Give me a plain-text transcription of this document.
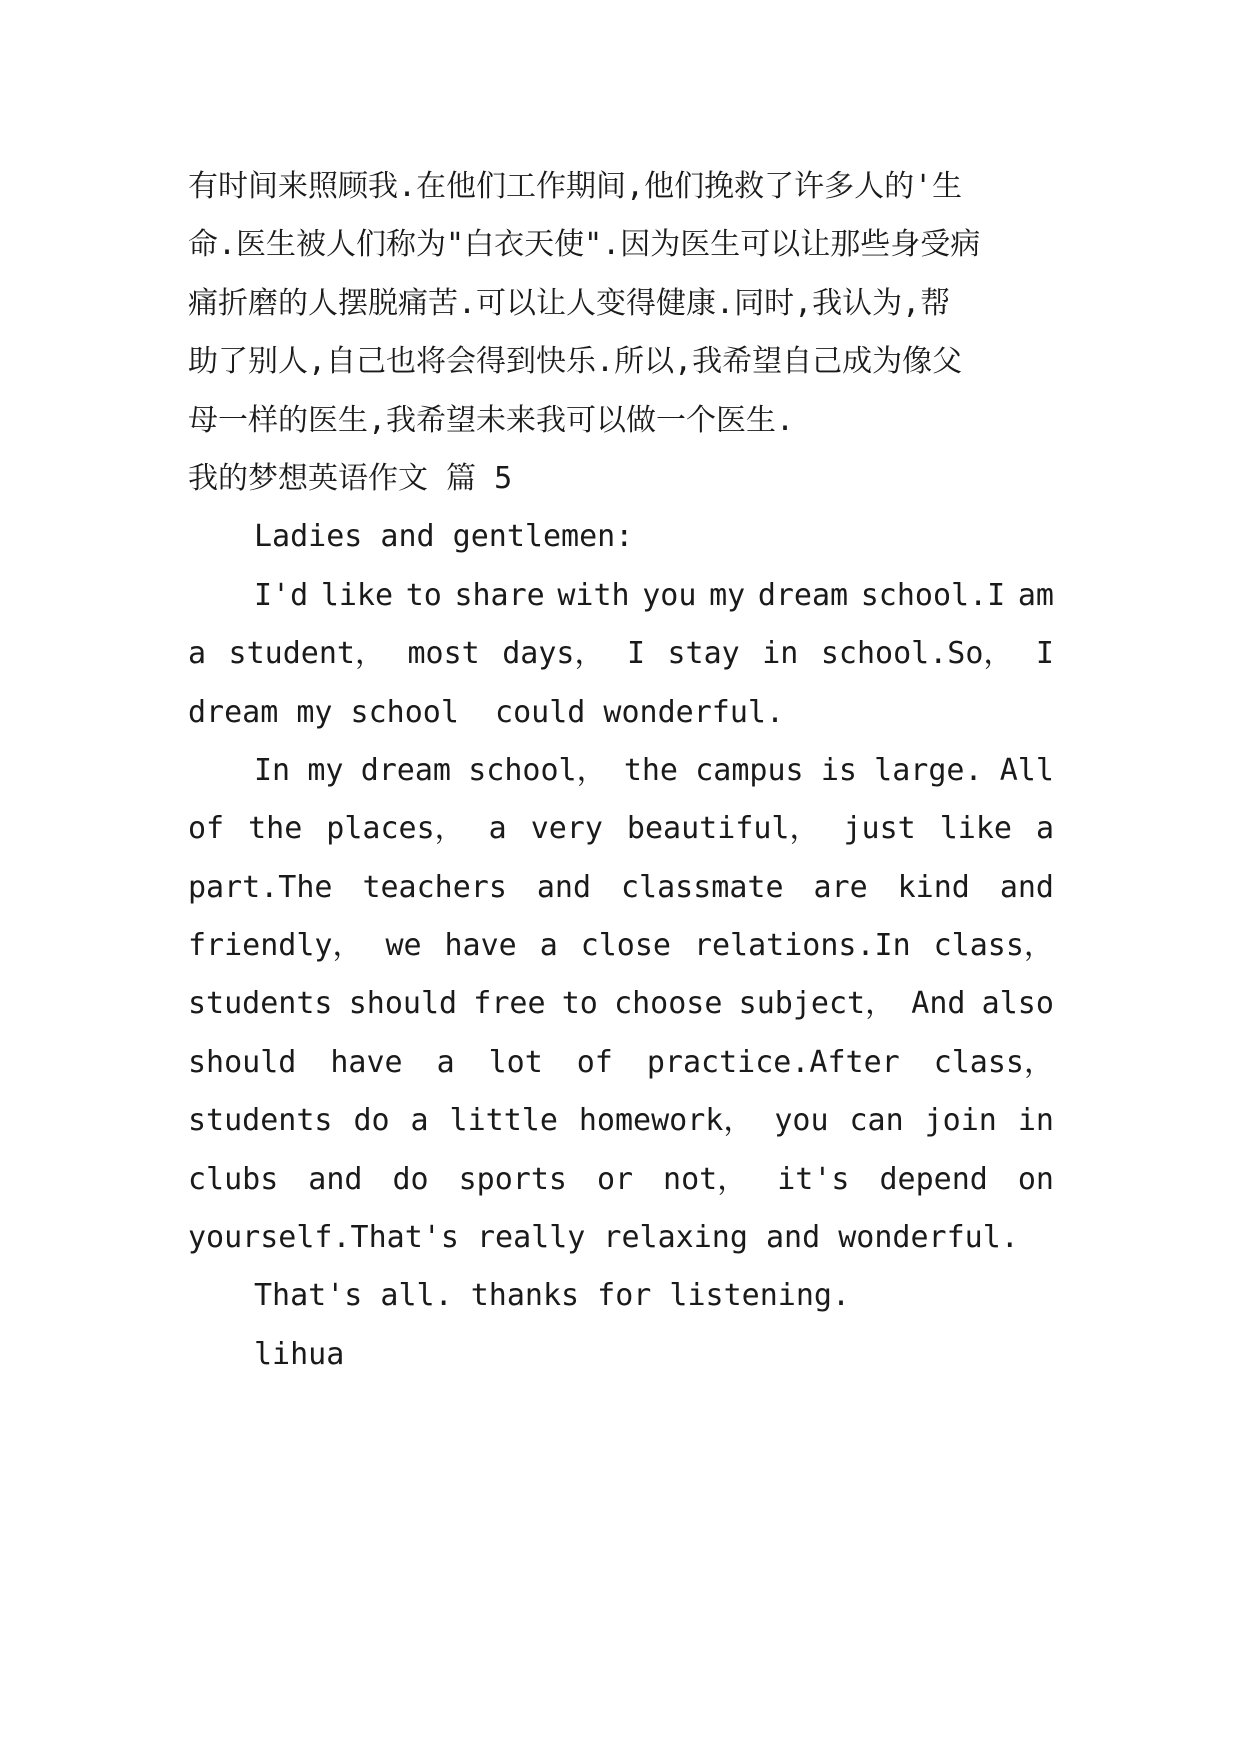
有时间来照顾我.在他们工作期间,他们挽救了许多人的'生
命.医生被人们称为"白衣天使".因为医生可以让那些身受病
痛折磨的人摆脱痛苦.可以让人变得健康.同时,我认为,帮
助了别人,自己也将会得到快乐.所以,我希望自己成为像父
母一样的医生,我希望未来我可以做一个医生.
我的梦想英语作文 篇 5
Ladies and gentlemen:
I'd like to share with you my dream school.I am
a student， most days， I stay in school.So， I
dream my school  could wonderful.
In my dream school， the campus is large. All
of the places， a very beautiful， just like a
part.The teachers and classmate are kind and
friendly， we have a close relations.In class，
students should free to choose subject， And also
should have a lot of practice.After class，
students do a little homework， you can join in
clubs and do sports or not， it's depend on
yourself.That's really relaxing and wonderful.
That's all. thanks for listening.
lihua
